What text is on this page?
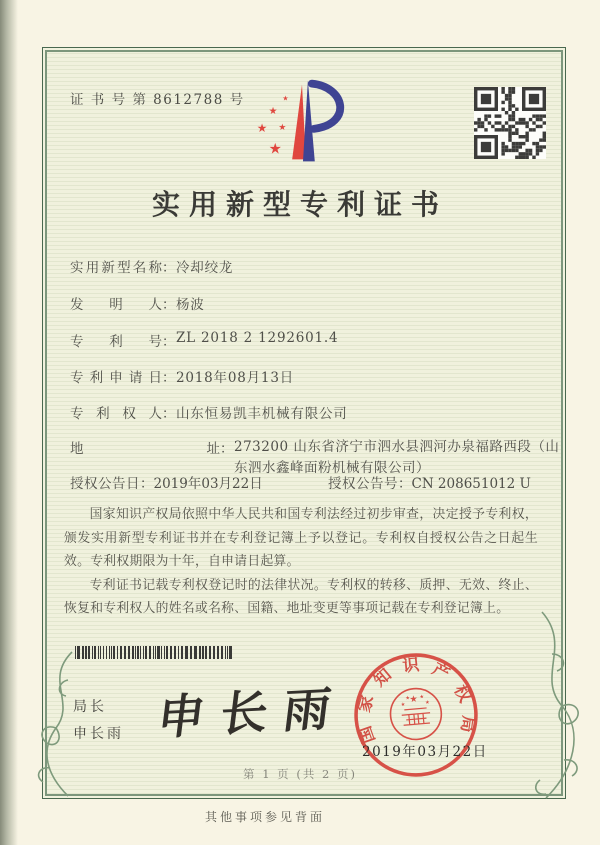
证 书 号 第 8612788 号	★
★
★
★
★
实用新型专利证书
实用新型名称：冷却绞龙
发明人：杨波
专利号：ZL 2018 2 1292601.4
专利申请日：2018年08月13日
专利权人：山东恒易凯丰机械有限公司
地址：273200 山东省济宁市泗水县泗河办泉福路西段（山东泗水鑫峰面粉机械有限公司）
授权公告日：2019年03月22日	授权公告号：CN 208651012 U

国家知识产权局依照中华人民共和国专利法经过初步审查，决定授予专利权，颁发实用新型专利证书并在专利登记簿上予以登记。专利权自授权公告之日起生效。专利权期限为十年，自申请日起算。

专利证书记载专利权登记时的法律状况。专利权的转移、质押、无效、终止、恢复和专利权人的姓名或名称、国籍、地址变更等事项记载在专利登记簿上。

局长
申长雨 申长雨 国家知识产权局
★
★
★ ★
★
2019年03月22日
第 1 页 (共 2 页)
其他事项参见背面
